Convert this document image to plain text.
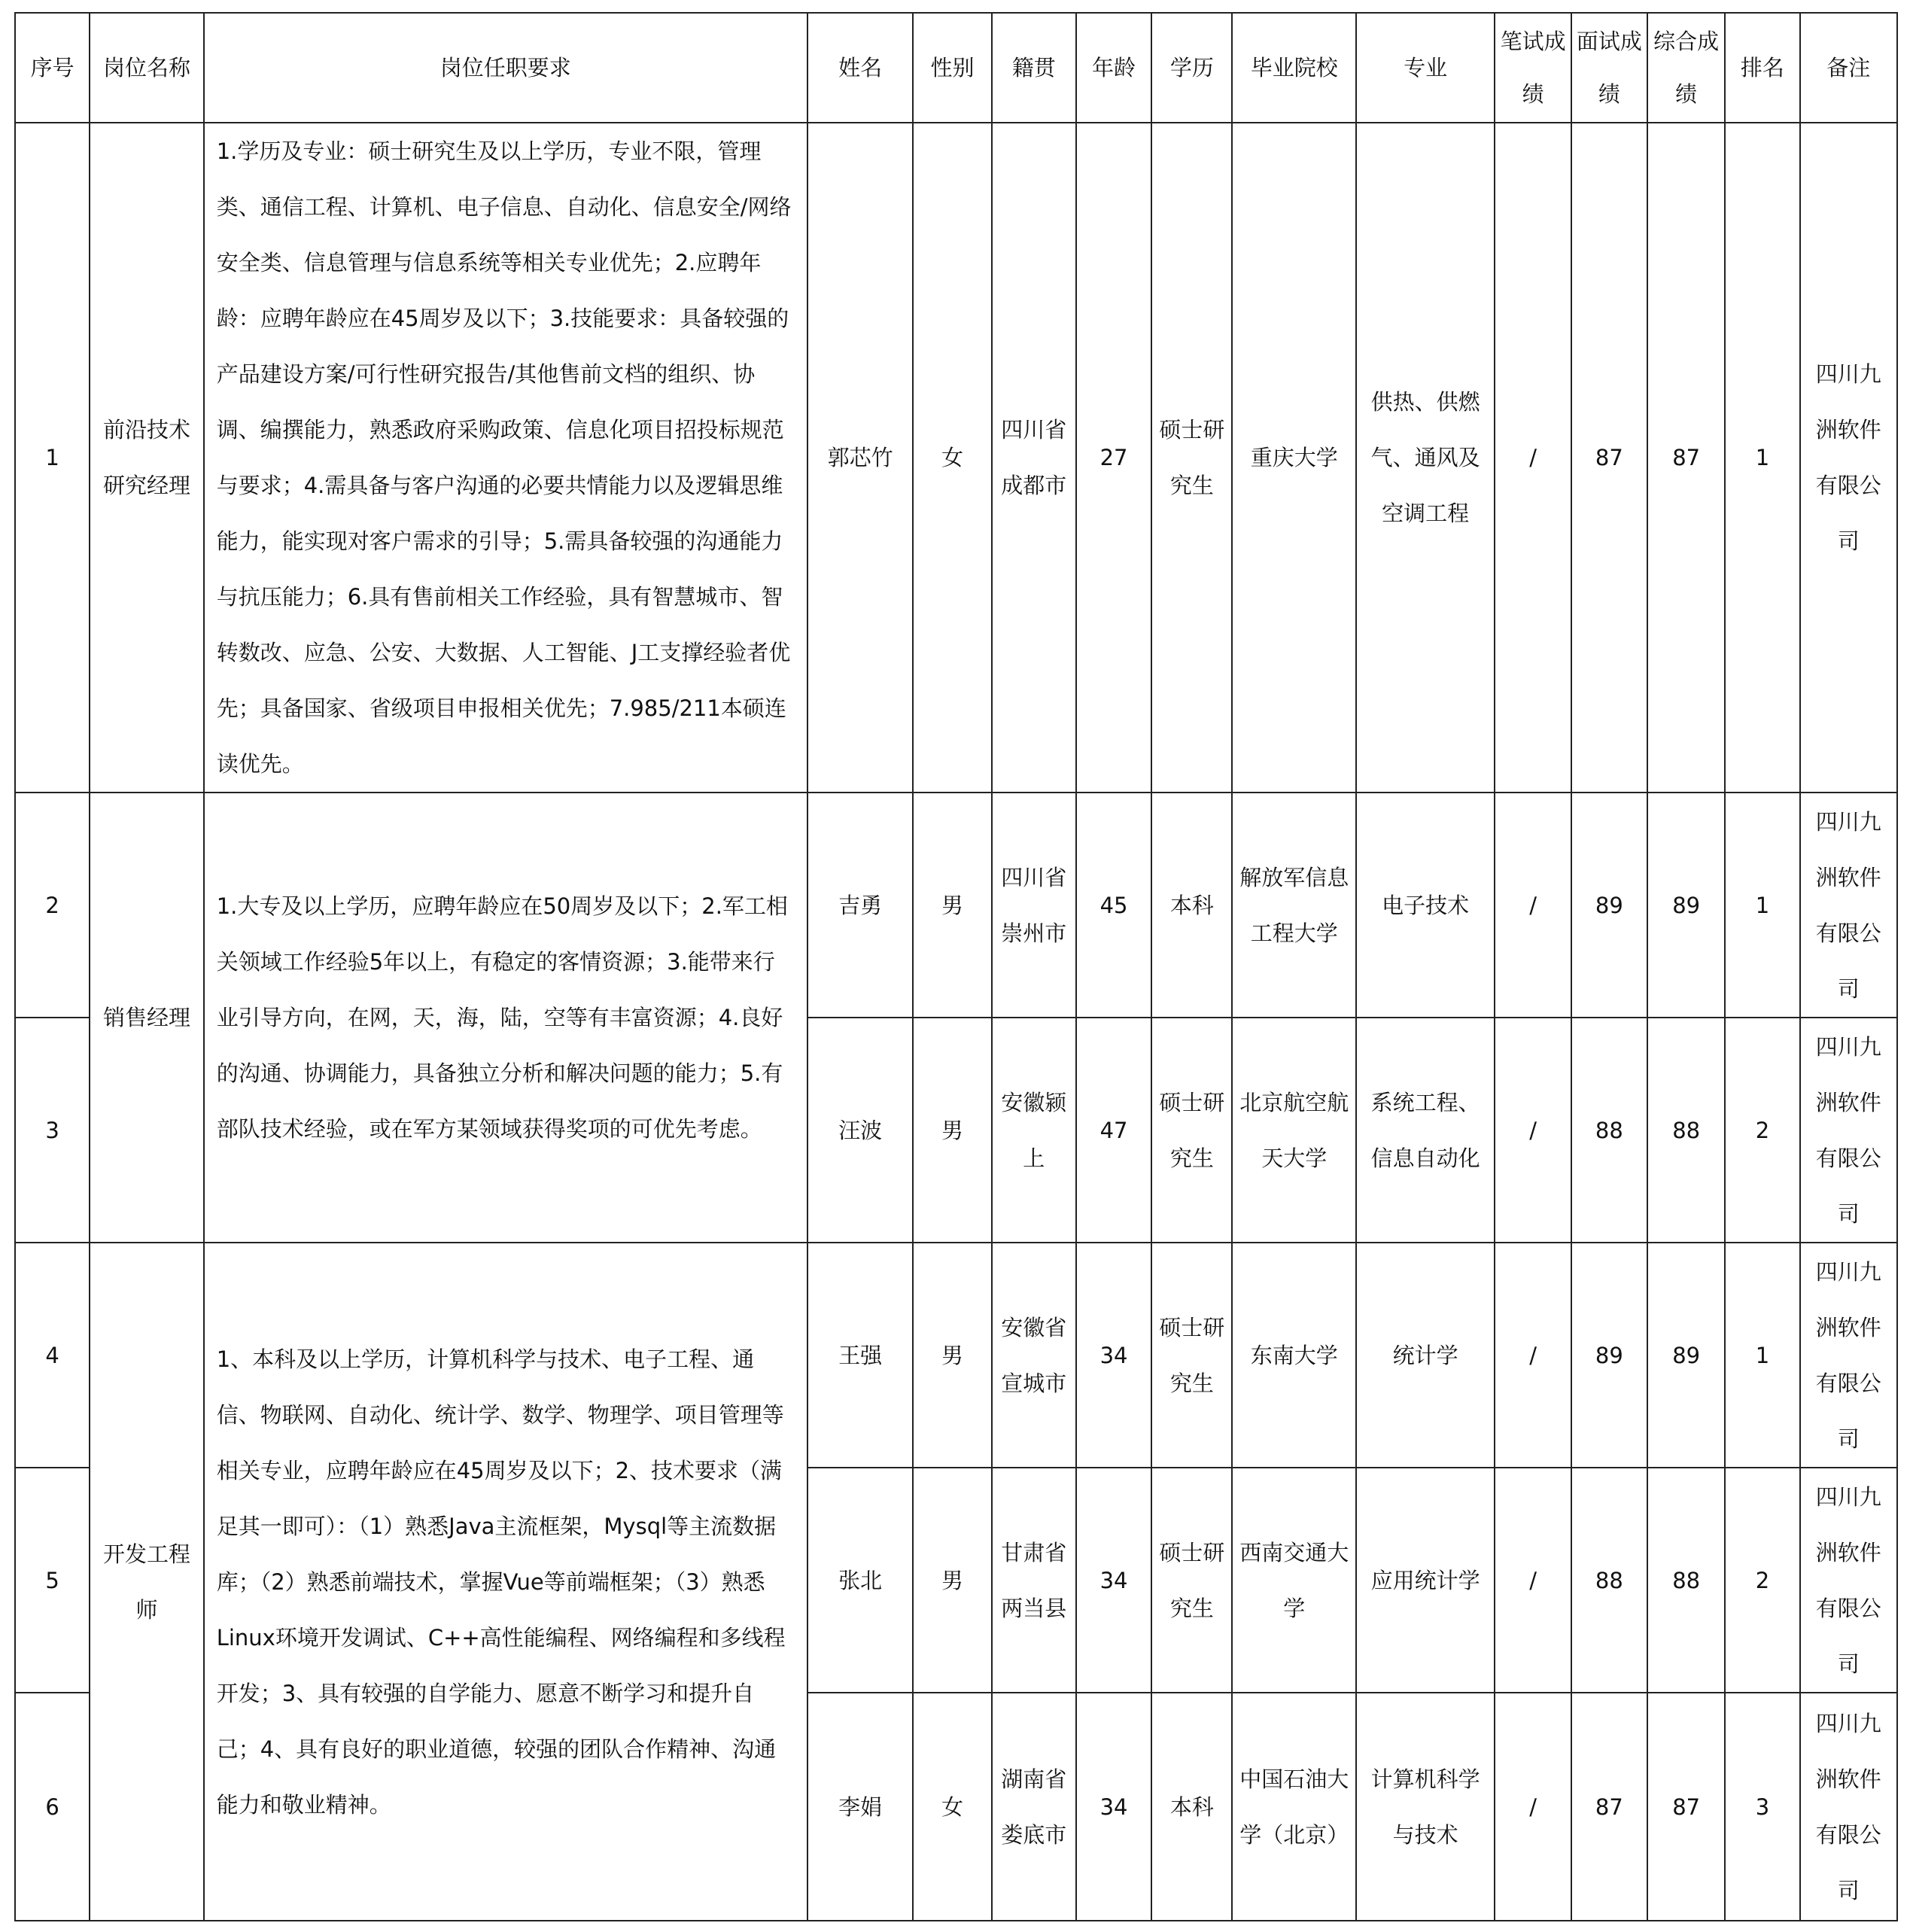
序号	岗位名称	岗位任职要求	姓名	性别	籍贯	年龄	学历	毕业院校	专业	笔试成绩	面试成绩	综合成绩	排名	备注
1	前沿技术研究经理	1.学历及专业：硕士研究生及以上学历，专业不限，管理类、通信工程、计算机、电子信息、自动化、信息安全/网络安全类、信息管理与信息系统等相关专业优先；2.应聘年龄：应聘年龄应在45周岁及以下；3.技能要求：具备较强的产品建设方案/可行性研究报告/其他售前文档的组织、协调、编撰能力，熟悉政府采购政策、信息化项目招投标规范与要求；4.需具备与客户沟通的必要共情能力以及逻辑思维能力，能实现对客户需求的引导；5.需具备较强的沟通能力与抗压能力；6.具有售前相关工作经验，具有智慧城市、智转数改、应急、公安、大数据、人工智能、J工支撑经验者优先；具备国家、省级项目申报相关优先；7.985/211本硕连读优先。	郭芯竹	女	四川省成都市	27	硕士研究生	重庆大学	供热、供燃气、通风及空调工程	/	87	87	1	四川九洲软件有限公司
2	销售经理	1.大专及以上学历，应聘年龄应在50周岁及以下；2.军工相关领域工作经验5年以上，有稳定的客情资源；3.能带来行业引导方向，在网，天，海，陆，空等有丰富资源；4.良好的沟通、协调能力，具备独立分析和解决问题的能力；5.有部队技术经验，或在军方某领域获得奖项的可优先考虑。	吉勇	男	四川省崇州市	45	本科	解放军信息工程大学	电子技术	/	89	89	1	四川九洲软件有限公司
3			汪波	男	安徽颍上	47	硕士研究生	北京航空航天大学	系统工程、信息自动化	/	88	88	2	四川九洲软件有限公司
4	开发工程师	1、本科及以上学历，计算机科学与技术、电子工程、通信、物联网、自动化、统计学、数学、物理学、项目管理等相关专业，应聘年龄应在45周岁及以下；2、技术要求（满足其一即可）：（1）熟悉Java主流框架，Mysql等主流数据库；（2）熟悉前端技术，掌握Vue等前端框架；（3）熟悉Linux环境开发调试、C++高性能编程、网络编程和多线程开发；3、具有较强的自学能力、愿意不断学习和提升自己；4、具有良好的职业道德，较强的团队合作精神、沟通能力和敬业精神。	王强	男	安徽省宣城市	34	硕士研究生	东南大学	统计学	/	89	89	1	四川九洲软件有限公司
5			张北	男	甘肃省两当县	34	硕士研究生	西南交通大学	应用统计学	/	88	88	2	四川九洲软件有限公司
6			李娟	女	湖南省娄底市	34	本科	中国石油大学（北京）	计算机科学与技术	/	87	87	3	四川九洲软件有限公司
